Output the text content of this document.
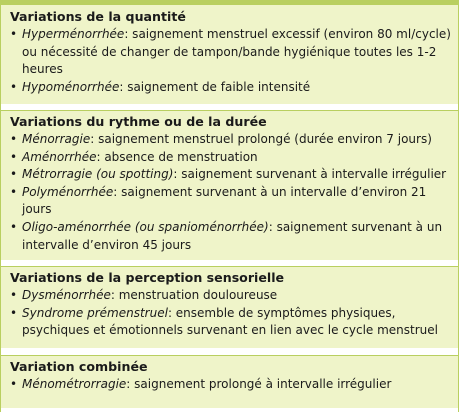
Variations de la quantité
• Hyperménorrhée: saignement menstruel excessif (environ 80 ml/​cycle) ou nécessité de changer de tampon/bande hygiénique toutes les 1-2 heures
• Hypoménorrhée: saignement de faible intensité
Variations du rythme ou de la durée
• Ménorragie: saignement menstruel prolongé (durée environ 7 jours)
• Aménorrhée: absence de menstruation
• Métrorragie (ou spotting): saignement survenant à intervalle irrégulier
• Polyménorrhée: saignement survenant à un intervalle d’environ 21 jours
• Oligo-aménorrhée (ou spanioménorrhée): saignement survenant à un intervalle d’environ 45 jours
Variations de la perception sensorielle
• Dysménorrhée: menstruation douloureuse
• Syndrome prémenstruel: ensemble de symptômes physiques, psychiques et émotionnels survenant en lien avec le cycle menstruel
Variation combinée
• Ménométrorragie: saignement prolongé à intervalle irrégulier
